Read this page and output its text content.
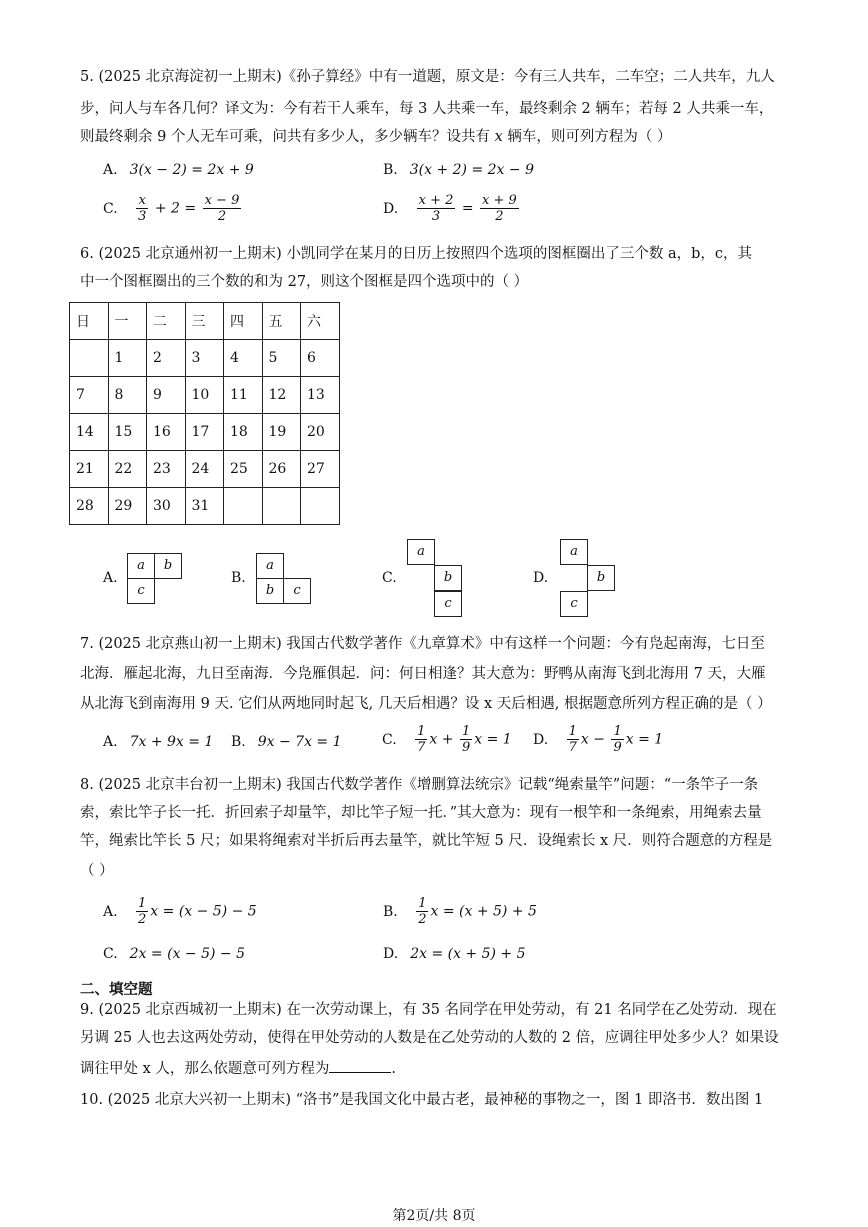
5. (2025 北京海淀初一上期末)《孙子算经》中有一道题，原文是：今有三人共车，二车空；二人共车，九人
步，问人与车各几何？译文为：今有若干人乘车，每 3 人共乘一车，最终剩余 2 辆车；若每 2 人共乘一车，
则最终剩余 9 个人无车可乘，问共有多少人，多少辆车？设共有 x 辆车，则可列方程为（ ）
A. 3(x − 2) = 2x + 9	B. 3(x + 2) = 2x − 9
C. $\frac{x}{3} + 2 = \frac{x - 9}{2}$	D. $\frac{x + 2}{3} = \frac{x + 9}{2}$
6. (2025 北京通州初一上期末) 小凯同学在某月的日历上按照四个选项的图框圈出了三个数 a，b，c，其
中一个图框圈出的三个数的和为 27，则这个图框是四个选项中的（ ）
日	一	二	三	四	五	六
	1	2	3	4	5	6
7	8	9	10	11	12	13
14	15	16	17	18	19	20
21	22	23	24	25	26	27
28	29	30	31			
A.
a	b
c
B.
a
b	c
C.
a
b
c
D.
a
b
c
7. (2025 北京燕山初一上期末) 我国古代数学著作《九章算术》中有这样一个问题：今有凫起南海，七日至
北海．雁起北海，九日至南海．今凫雁俱起．问：何日相逢？其大意为：野鸭从南海飞到北海用 7 天，大雁
从北海飞到南海用 9 天. 它们从两地同时起飞, 几天后相遇？设 x 天后相遇, 根据题意所列方程正确的是（ ）
A. 7x + 9x = 1 B. 9x − 7x = 1	C. $\frac{1}{7}$ $x + \frac{1}{9}$ x = 1 D. $\frac{1}{7}$ $x - \frac{1}{9}$ x = 1
8. (2025 北京丰台初一上期末) 我国古代数学著作《增删算法统宗》记载“绳索量竿”问题：“一条竿子一条
索，索比竿子长一托．折回索子却量竿，却比竿子短一托．”其大意为：现有一根竿和一条绳索，用绳索去量
竿，绳索比竿长 5 尺；如果将绳索对半折后再去量竿，就比竿短 5 尺．设绳索长 x 尺．则符合题意的方程是
（ ）
A. $\frac{1}{2}$ x = (x − 5) − 5	B. $\frac{1}{2}$ x = (x + 5) + 5
C. 2x = (x − 5) − 5	D. 2x = (x + 5) + 5
二、填空题
9. (2025 北京西城初一上期末) 在一次劳动课上，有 35 名同学在甲处劳动，有 21 名同学在乙处劳动．现在
另调 25 人也去这两处劳动，使得在甲处劳动的人数是在乙处劳动的人数的 2 倍，应调往甲处多少人？如果设
调往甲处 x 人，那么依题意可列方程为	.
10. (2025 北京大兴初一上期末) “洛书”是我国文化中最古老，最神秘的事物之一，图 1 即洛书．数出图 1
第2页/共 8页
